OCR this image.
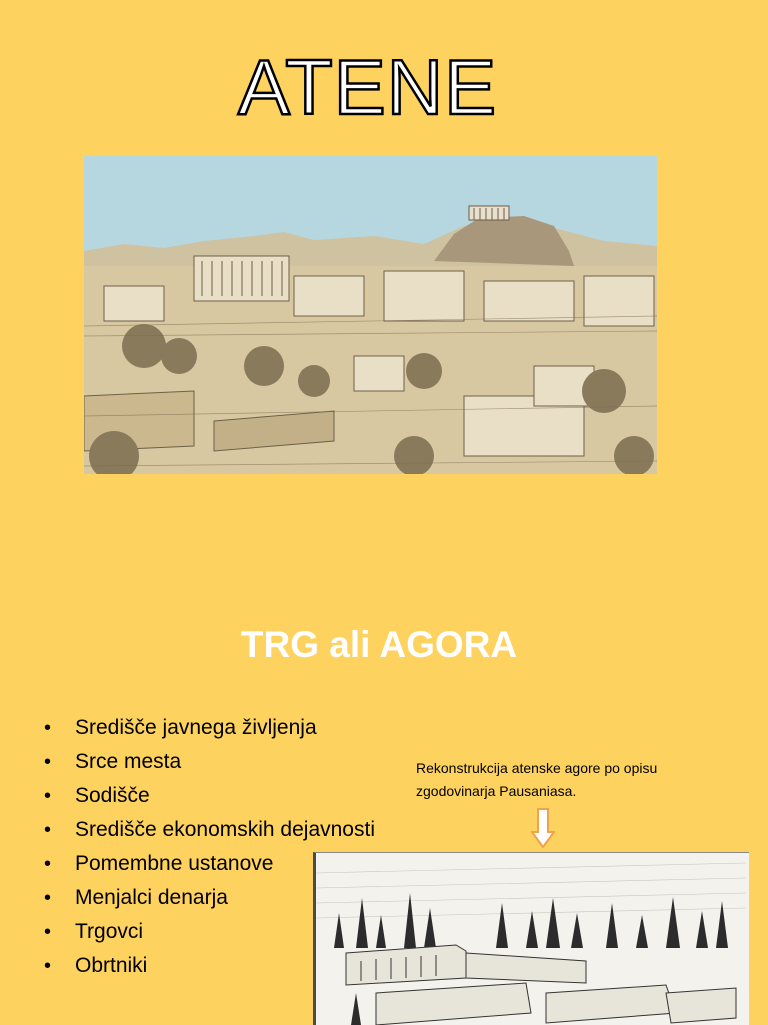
ATENE
TRG ali AGORA
• Središče javnega življenja
• Srce mesta
• Sodišče
• Središče ekonomskih dejavnosti
• Pomembne ustanove
• Menjalci denarja
• Trgovci
• Obrtniki
Rekonstrukcija atenske agore po opisu
zgodovinarja Pausaniasa.
